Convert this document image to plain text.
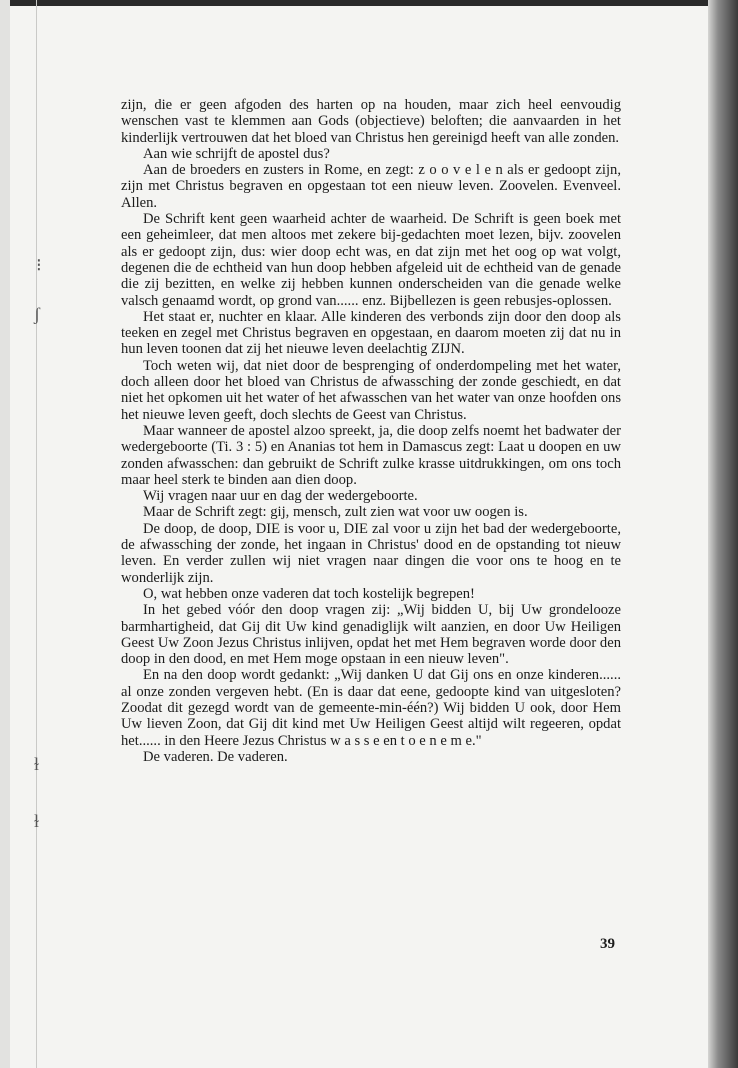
⁝
ʃ
ɫ
ɫ

zijn, die er geen afgoden des harten op na houden, maar zich heel eenvoudig wenschen vast te klemmen aan Gods (objectieve) beloften; die aanvaarden in het kinderlijk vertrouwen dat het bloed van Christus hen gereinigd heeft van alle zonden.

Aan wie schrijft de apostel dus?

Aan de broeders en zusters in Rome, en zegt: z o o v e l e n als er gedoopt zijn, zijn met Christus begraven en opgestaan tot een nieuw leven. Zoovelen. Evenveel. Allen.

De Schrift kent geen waarheid achter de waarheid. De Schrift is geen boek met een geheimleer, dat men altoos met zekere bij-gedachten moet lezen, bijv. zoovelen als er gedoopt zijn, dus: wier doop echt was, en dat zijn met het oog op wat volgt, degenen die de echtheid van hun doop hebben afgeleid uit de echtheid van de genade die zij bezitten, en welke zij hebben kunnen onderscheiden van die genade welke valsch genaamd wordt, op grond van...... enz. Bijbellezen is geen rebusjes-oplossen.

Het staat er, nuchter en klaar. Alle kinderen des verbonds zijn door den doop als teeken en zegel met Christus begraven en opgestaan, en daarom moeten zij dat nu in hun leven toonen dat zij het nieuwe leven deelachtig ZIJN.

Toch weten wij, dat niet door de besprenging of onderdompeling met het water, doch alleen door het bloed van Christus de afwassching der zonde geschiedt, en dat niet het opkomen uit het water of het afwasschen van het water van onze hoofden ons het nieuwe leven geeft, doch slechts de Geest van Christus.

Maar wanneer de apostel alzoo spreekt, ja, die doop zelfs noemt het badwater der wedergeboorte (Ti. 3 : 5) en Ananias tot hem in Damascus zegt: Laat u doopen en uw zonden afwasschen: dan gebruikt de Schrift zulke krasse uitdrukkingen, om ons toch maar heel sterk te binden aan dien doop.

Wij vragen naar uur en dag der wedergeboorte.

Maar de Schrift zegt: gij, mensch, zult zien wat voor uw oogen is.

De doop, de doop, DIE is voor u, DIE zal voor u zijn het bad der wedergeboorte, de afwassching der zonde, het ingaan in Christus' dood en de opstanding tot nieuw leven. En verder zullen wij niet vragen naar dingen die voor ons te hoog en te wonderlijk zijn.

O, wat hebben onze vaderen dat toch kostelijk begrepen!

In het gebed vóór den doop vragen zij: „Wij bidden U, bij Uw grondelooze barmhartigheid, dat Gij dit Uw kind genadiglijk wilt aanzien, en door Uw Heiligen Geest Uw Zoon Jezus Christus inlijven, opdat het met Hem begraven worde door den doop in den dood, en met Hem moge opstaan in een nieuw leven".

En na den doop wordt gedankt: „Wij danken U dat Gij ons en onze kinderen...... al onze zonden vergeven hebt. (En is daar dat eene, gedoopte kind van uitgesloten? Zoodat dit gezegd wordt van de gemeente-min-één?) Wij bidden U ook, door Hem Uw lieven Zoon, dat Gij dit kind met Uw Heiligen Geest altijd wilt regeeren, opdat het...... in den Heere Jezus Christus w a s s e en t o e n e m e."

De vaderen. De vaderen.

39
